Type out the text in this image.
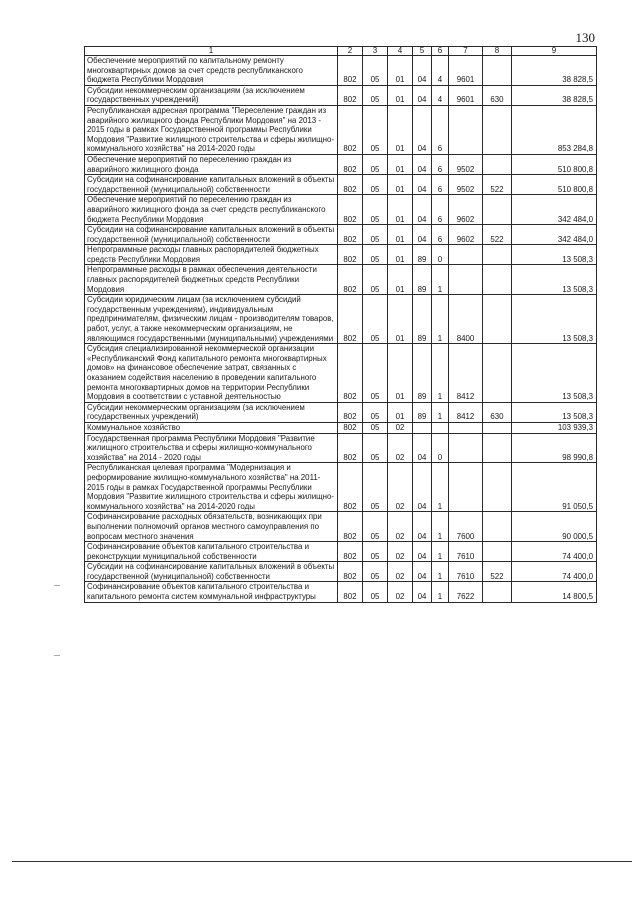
130
1	2	3	4	5	6	7	8	9
Обеспечение мероприятий по капитальному ремонту многоквартирных домов за счет средств республиканского бюджета Республики Мордовия	802	05	01	04	4	9601		38 828,5
Субсидии некоммерческим организациям (за исключением государственных учреждений)	802	05	01	04	4	9601	630	38 828,5
Республиканская адресная программа "Переселение граждан из аварийного жилищного фонда Республики Мордовия" на 2013 - 2015 годы в рамках Государственной программы Республики Мордовия "Развитие жилищного строительства и сферы жилищно-коммунального хозяйства" на 2014-2020 годы	802	05	01	04	6			853 284,8
Обеспечение мероприятий по переселению граждан из аварийного жилищного фонда	802	05	01	04	6	9502		510 800,8
Субсидии на софинансирование капитальных вложений в объекты государственной (муниципальной) собственности	802	05	01	04	6	9502	522	510 800,8
Обеспечение мероприятий по переселению граждан из аварийного жилищного фонда за счет средств республиканского бюджета Республики Мордовия	802	05	01	04	6	9602		342 484,0
Субсидии на софинансирование капитальных вложений в объекты государственной (муниципальной) собственности	802	05	01	04	6	9602	522	342 484,0
Непрограммные расходы главных распорядителей бюджетных средств Республики Мордовия	802	05	01	89	0			13 508,3
Непрограммные расходы в рамках обеспечения деятельности главных распорядителей бюджетных средств Республики Мордовия	802	05	01	89	1			13 508,3
Субсидии юридическим лицам (за исключением субсидий государственным учреждениям), индивидуальным предпринимателям, физическим лицам - производителям товаров, работ, услуг, а также некоммерческим организациям, не являющимся государственными (муниципальными) учреждениями	802	05	01	89	1	8400		13 508,3
Субсидия специализированной некоммерческой организации «Республиканский Фонд капитального ремонта многоквартирных домов» на финансовое обеспечение затрат, связанных с оказанием содействия населению в проведении капитального ремонта многоквартирных домов на территории Республики Мордовия в соответствии с уставной деятельностью	802	05	01	89	1	8412		13 508,3
Субсидии некоммерческим организациям (за исключением государственных учреждений)	802	05	01	89	1	8412	630	13 508,3
Коммунальное хозяйство	802	05	02					103 939,3
Государственная программа Республики Мордовия "Развитие жилищного строительства и сферы жилищно-коммунального хозяйства" на 2014 - 2020 годы	802	05	02	04	0			98 990,8
Республиканская целевая программа "Модернизация и реформирование жилищно-коммунального хозяйства" на 2011-2015 годы в рамках Государственной программы Республики Мордовия "Развитие жилищного строительства и сферы жилищно-коммунального хозяйства" на 2014-2020 годы	802	05	02	04	1			91 050,5
Софинансирование расходных обязательств, возникающих при выполнении полномочий органов местного самоуправления по вопросам местного значения	802	05	02	04	1	7600		90 000,5
Софинансирование объектов капитального строительства и реконструкции муниципальной собственности	802	05	02	04	1	7610		74 400,0
Субсидии на софинансирование капитальных вложений в объекты государственной (муниципальной) собственности	802	05	02	04	1	7610	522	74 400,0
Софинансирование объектов капитального строительства и капитального ремонта систем коммунальной инфраструктуры	802	05	02	04	1	7622		14 800,5
